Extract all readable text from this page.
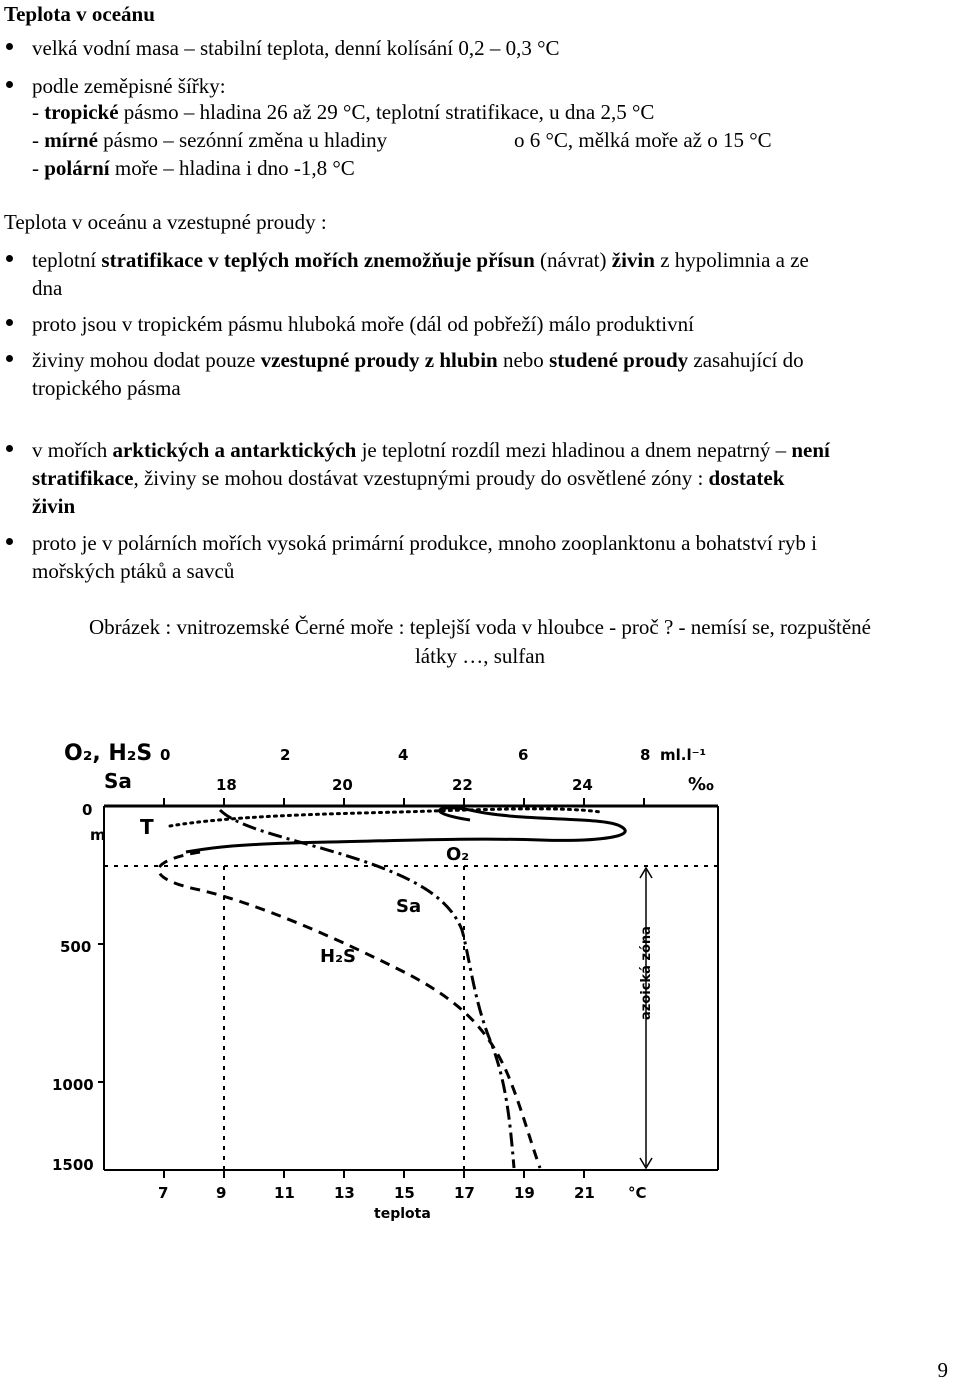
Teplota v oceánu
velká vodní masa – stabilní teplota, denní kolísání 0,2 – 0,3 °C
podle zeměpisné šířky:
- tropické pásmo – hladina 26 až 29 °C, teplotní stratifikace, u dna 2,5 °C
- mírné pásmo – sezónní změna u hladiny	o 6 °C, mělká moře až o 15 °C
- polární moře – hladina i dno -1,8 °C
Teplota v oceánu a vzestupné proudy :
teplotní stratifikace v teplých mořích znemožňuje přísun (návrat) živin z hypolimnia a ze
dna
proto jsou v tropickém pásmu hluboká moře (dál od pobřeží) málo produktivní
živiny mohou dodat pouze vzestupné proudy z hlubin nebo studené proudy zasahující do
tropického pásma
v mořích arktických a antarktických je teplotní rozdíl mezi hladinou a dnem nepatrný – není
stratifikace, živiny se mohou dostávat vzestupnými proudy do osvětlené zóny : dostatek
živin
proto je v polárních mořích vysoká primární produkce, mnoho zooplanktonu a bohatství ryb i
mořských ptáků a savců
Obrázek : vnitrozemské Černé moře : teplejší voda v hloubce - proč ? - nemísí se, rozpuštěné
látky …, sulfan
O₂, H₂S
Sa
0	2	4	6	8 ml.l⁻¹
18	20	22	24	‰
0
m
500
1000
1500
7	9	11	13	15	17	19	21 °C
teplota
T
O₂
Sa
H₂S	azoická zóna
9
